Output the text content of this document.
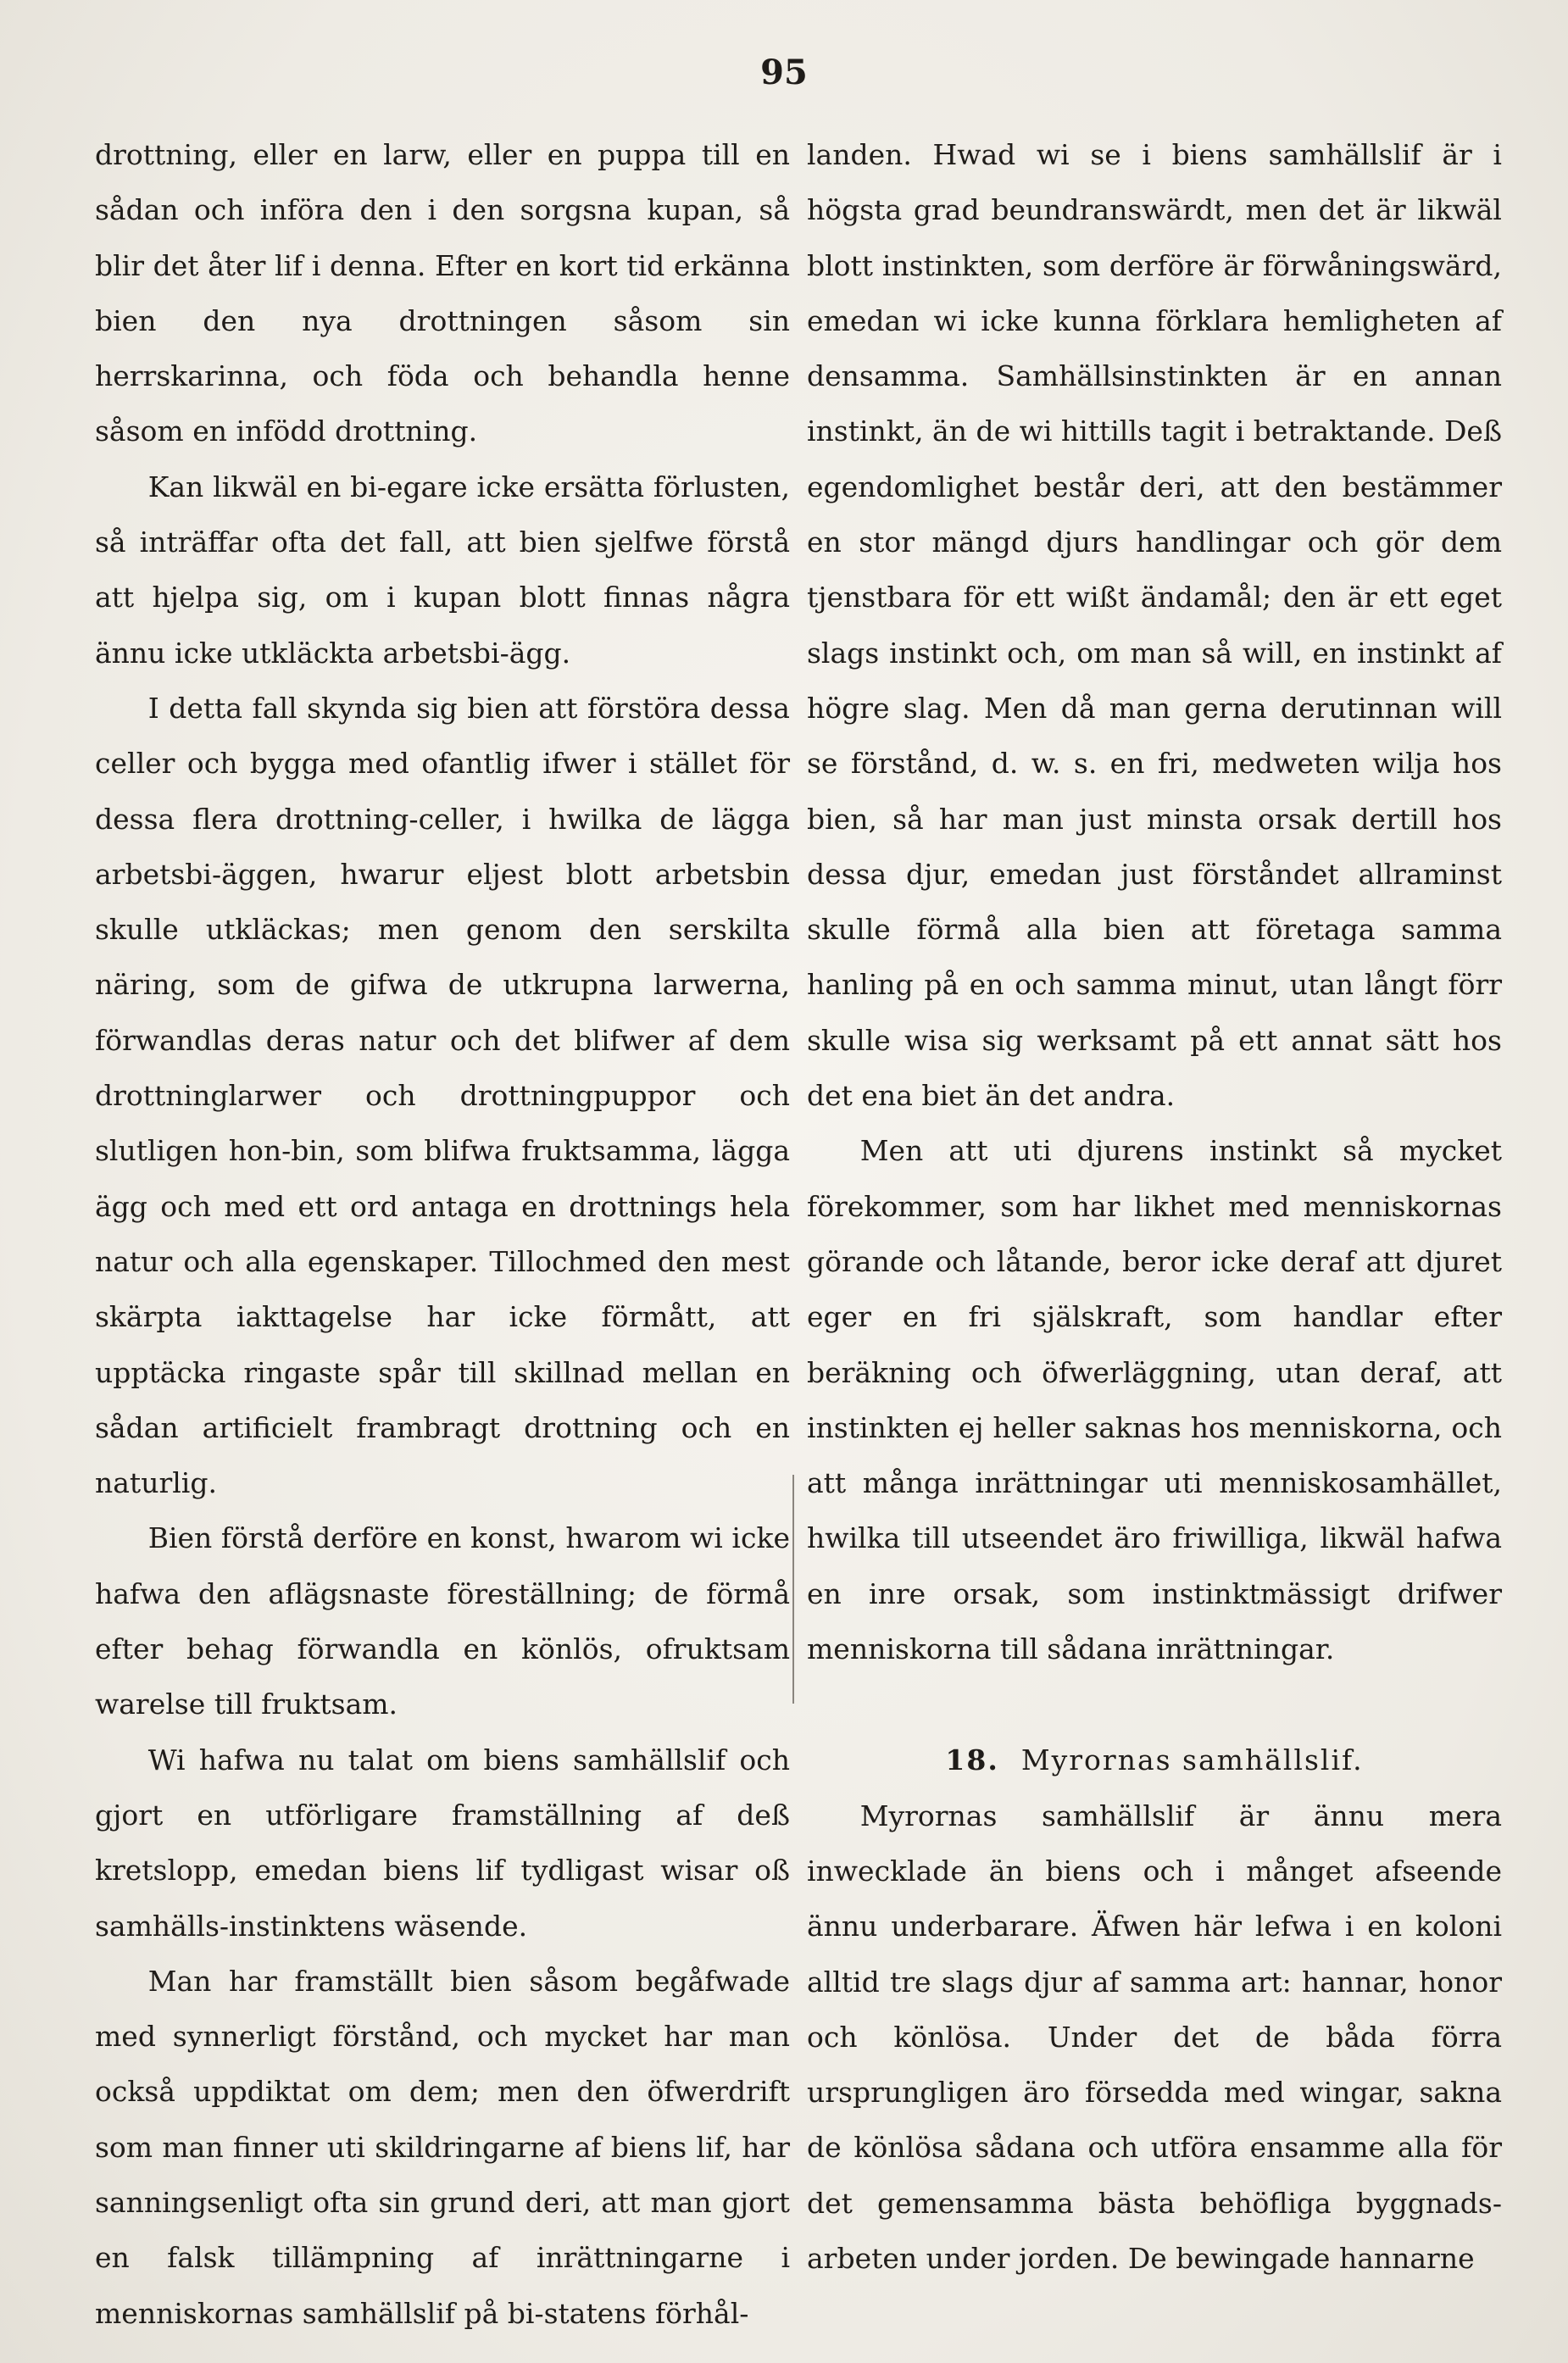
95

drottning, eller en larw, eller en puppa till en sådan och införa den i den sorgsna kupan, så blir det åter lif i denna. Efter en kort tid erkänna bien den nya drottningen såsom sin herrskarinna, och föda och behandla henne såsom en infödd drottning.

Kan likwäl en bi-egare icke ersätta förlusten, så inträffar ofta det fall, att bien sjelfwe förstå att hjelpa sig, om i kupan blott finnas några ännu icke utkläckta arbetsbi-ägg.

I detta fall skynda sig bien att förstöra dessa celler och bygga med ofantlig ifwer i stället för dessa flera drottning-celler, i hwilka de lägga arbetsbi-äggen, hwarur eljest blott arbetsbin skulle utkläckas; men genom den serskilta näring, som de gifwa de utkrupna larwerna, förwandlas deras natur och det blifwer af dem drottninglarwer och drottningpuppor och slutligen hon-bin, som blifwa fruktsamma, lägga ägg och med ett ord antaga en drottnings hela natur och alla egenskaper. Tillochmed den mest skärpta iakttagelse har icke förmått, att upptäcka ringaste spår till skillnad mellan en sådan artificielt frambragt drottning och en naturlig.

Bien förstå derföre en konst, hwarom wi icke hafwa den aflägsnaste föreställning; de förmå efter behag förwandla en könlös, ofruktsam warelse till fruktsam.

Wi hafwa nu talat om biens samhällslif och gjort en utförligare framställning af deß kretslopp, emedan biens lif tydligast wisar oß samhälls-instinktens wäsende.

Man har framställt bien såsom begåfwade med synnerligt förstånd, och mycket har man också uppdiktat om dem; men den öfwerdrift som man finner uti skildringarne af biens lif, har sanningsenligt ofta sin grund deri, att man gjort en falsk tillämpning af inrättningarne i menniskornas samhällslif på bi-statens förhål-

landen. Hwad wi se i biens samhällslif är i högsta grad beundranswärdt, men det är likwäl blott instinkten, som derföre är förwåningswärd, emedan wi icke kunna förklara hemligheten af densamma. Samhällsinstinkten är en annan instinkt, än de wi hittills tagit i betraktande. Deß egendomlighet består deri, att den bestämmer en stor mängd djurs handlingar och gör dem tjenstbara för ett wißt ändamål; den är ett eget slags instinkt och, om man så will, en instinkt af högre slag. Men då man gerna derutinnan will se förstånd, d. w. s. en fri, medweten wilja hos bien, så har man just minsta orsak dertill hos dessa djur, emedan just förståndet allraminst skulle förmå alla bien att företaga samma hanling på en och samma minut, utan långt förr skulle wisa sig werksamt på ett annat sätt hos det ena biet än det andra.

Men att uti djurens instinkt så mycket förekommer, som har likhet med menniskornas görande och låtande, beror icke deraf att djuret eger en fri själskraft, som handlar efter beräkning och öfwerläggning, utan deraf, att instinkten ej heller saknas hos menniskorna, och att många inrättningar uti menniskosamhället, hwilka till utseendet äro friwilliga, likwäl hafwa en inre orsak, som instinktmässigt drifwer menniskorna till sådana inrättningar.

18. Myrornas samhällslif.

Myrornas samhällslif är ännu mera inwecklade än biens och i månget afseende ännu underbarare. Äfwen här lefwa i en koloni alltid tre slags djur af samma art: hannar, honor och könlösa. Under det de båda förra ursprungligen äro försedda med wingar, sakna de könlösa sådana och utföra ensamme alla för det gemensamma bästa behöfliga byggnads-arbeten under jorden. De bewingade hannarne
